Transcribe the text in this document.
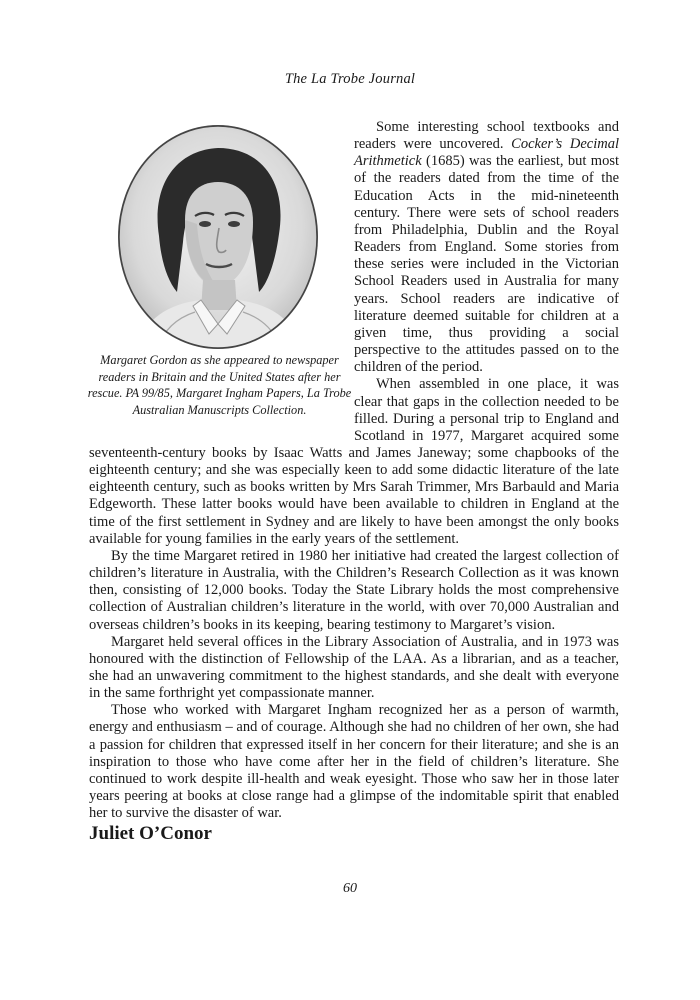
The La Trobe Journal
Margaret Gordon as she appeared to newspaper readers in Britain and the United States after her rescue. PA 99/85, Margaret Ingham Papers, La Trobe Australian Manuscripts Collection.

Some interesting school textbooks and readers were uncovered. Cocker’s Decimal Arithmetick (1685) was the earliest, but most of the readers dated from the time of the Education Acts in the mid-nineteenth century. There were sets of school readers from Philadelphia, Dublin and the Royal Readers from England. Some stories from these series were included in the Victorian School Readers used in Australia for many years. School readers are indicative of literature deemed suitable for children at a given time, thus providing a social perspective to the attitudes passed on to the children of the period.

When assembled in one place, it was clear that gaps in the collection needed to be filled. During a personal trip to England and Scotland in 1977, Margaret acquired some seventeenth-century books by Isaac Watts and James Janeway; some chapbooks of the eighteenth century; and she was especially keen to add some didactic literature of the late eighteenth century, such as books written by Mrs Sarah Trimmer, Mrs Barbauld and Maria Edgeworth. These latter books would have been available to children in England at the time of the first settlement in Sydney and are likely to have been amongst the only books available for young families in the early years of the settlement.

By the time Margaret retired in 1980 her initiative had created the largest collection of children’s literature in Australia, with the Children’s Research Collection as it was known then, consisting of 12,000 books. Today the State Library holds the most comprehensive collection of Australian children’s literature in the world, with over 70,000 Australian and overseas children’s books in its keeping, bearing testimony to Margaret’s vision.

Margaret held several offices in the Library Association of Australia, and in 1973 was honoured with the distinction of Fellowship of the LAA. As a librarian, and as a teacher, she had an unwavering commitment to the highest standards, and she dealt with everyone in the same forthright yet compassionate manner.

Those who worked with Margaret Ingham recognized her as a person of warmth, energy and enthusiasm – and of courage. Although she had no children of her own, she had a passion for children that expressed itself in her concern for their literature; and she is an inspiration to those who have come after her in the field of children’s literature. She continued to work despite ill-health and weak eyesight. Those who saw her in those later years peering at books at close range had a glimpse of the indomitable spirit that enabled her to survive the disaster of war.

Juliet O’Conor
60
